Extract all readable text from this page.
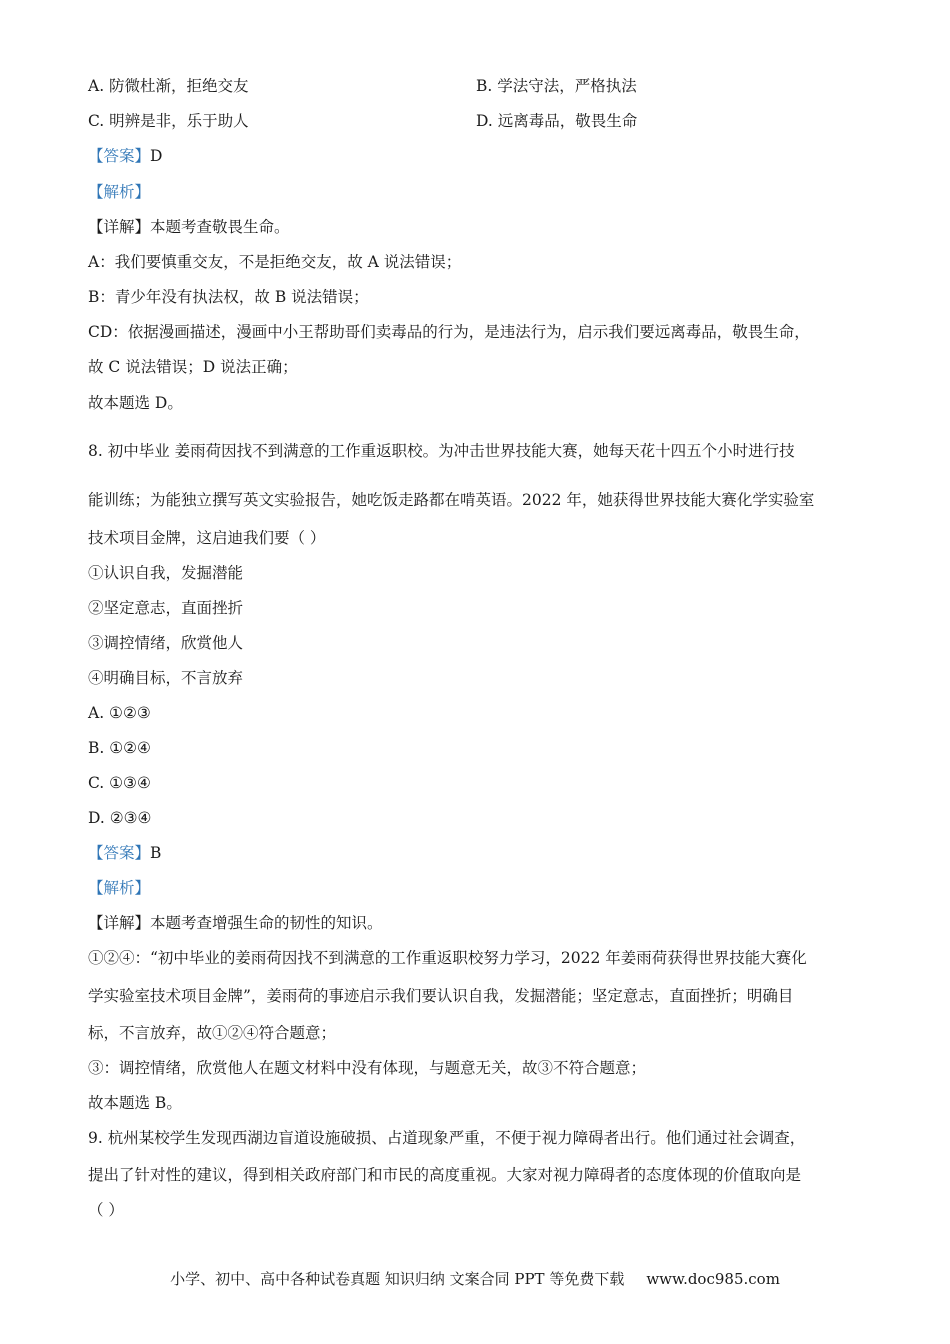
A. 防微杜渐，拒绝交友	B. 学法守法，严格执法
C. 明辨是非，乐于助人	D. 远离毒品，敬畏生命
【答案】D
【解析】
【详解】本题考查敬畏生命。
A：我们要慎重交友，不是拒绝交友，故 A 说法错误；
B：青少年没有执法权，故 B 说法错误；
CD：依据漫画描述，漫画中小王帮助哥们卖毒品的行为，是违法行为，启示我们要远离毒品，敬畏生命，
故 C 说法错误；D 说法正确；
故本题选 D。
8. 初中毕业 姜雨荷因找不到满意的工作重返职校。为冲击世界技能大赛，她每天花十四五个小时进行技
能训练；为能独立撰写英文实验报告，她吃饭走路都在啃英语。2022 年，她获得世界技能大赛化学实验室
技术项目金牌，这启迪我们要（ ）
①认识自我，发掘潜能
②坚定意志，直面挫折
③调控情绪，欣赏他人
④明确目标，不言放弃
A. ①②③
B. ①②④
C. ①③④
D. ②③④
【答案】B
【解析】
【详解】本题考查增强生命的韧性的知识。
①②④：“初中毕业的姜雨荷因找不到满意的工作重返职校努力学习，2022 年姜雨荷获得世界技能大赛化
学实验室技术项目金牌”，姜雨荷的事迹启示我们要认识自我，发掘潜能；坚定意志，直面挫折；明确目
标，不言放弃，故①②④符合题意；
③：调控情绪，欣赏他人在题文材料中没有体现，与题意无关，故③不符合题意；
故本题选 B。
9. 杭州某校学生发现西湖边盲道设施破损、占道现象严重，不便于视力障碍者出行。他们通过社会调查，
提出了针对性的建议，得到相关政府部门和市民的高度重视。大家对视力障碍者的态度体现的价值取向是
（ ）
小学、初中、高中各种试卷真题 知识归纳 文案合同 PPT 等免费下载 www.doc985.com
